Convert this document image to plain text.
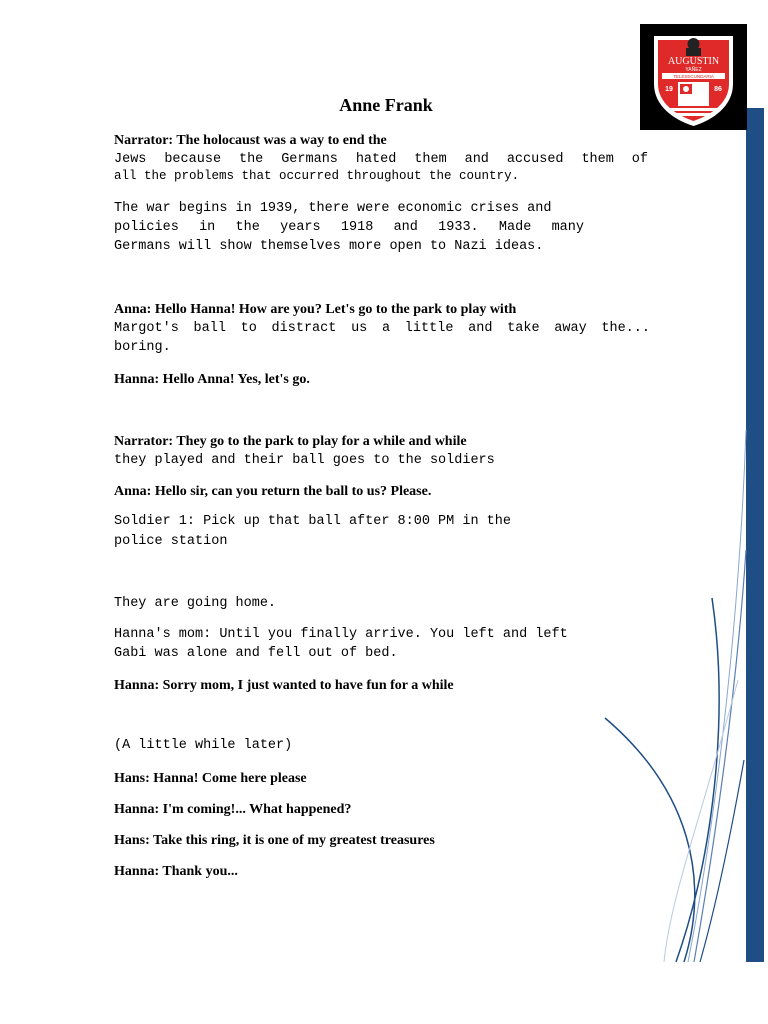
AUGUSTIN
YAÑEZ
TELESECUNDARIA
19	86
Anne Frank
Narrator: The holocaust was a way to end the
Jews because the Germans hated them and accused them of
all the problems that occurred throughout the country.
The war begins in 1939, there were economic crises and
policies in the years 1918 and 1933. Made many
Germans will show themselves more open to Nazi ideas.
Anna: Hello Hanna! How are you? Let's go to the park to play with
Margot's ball to distract us a little and take away the...
boring.
Hanna: Hello Anna! Yes, let's go.
Narrator: They go to the park to play for a while and while
they played and their ball goes to the soldiers
Anna: Hello sir, can you return the ball to us? Please.
Soldier 1: Pick up that ball after 8:00 PM in the
police station
They are going home.
Hanna's mom: Until you finally arrive. You left and left
Gabi was alone and fell out of bed.
Hanna: Sorry mom, I just wanted to have fun for a while
(A little while later)
Hans: Hanna! Come here please
Hanna: I'm coming!... What happened?
Hans: Take this ring, it is one of my greatest treasures
Hanna: Thank you...
